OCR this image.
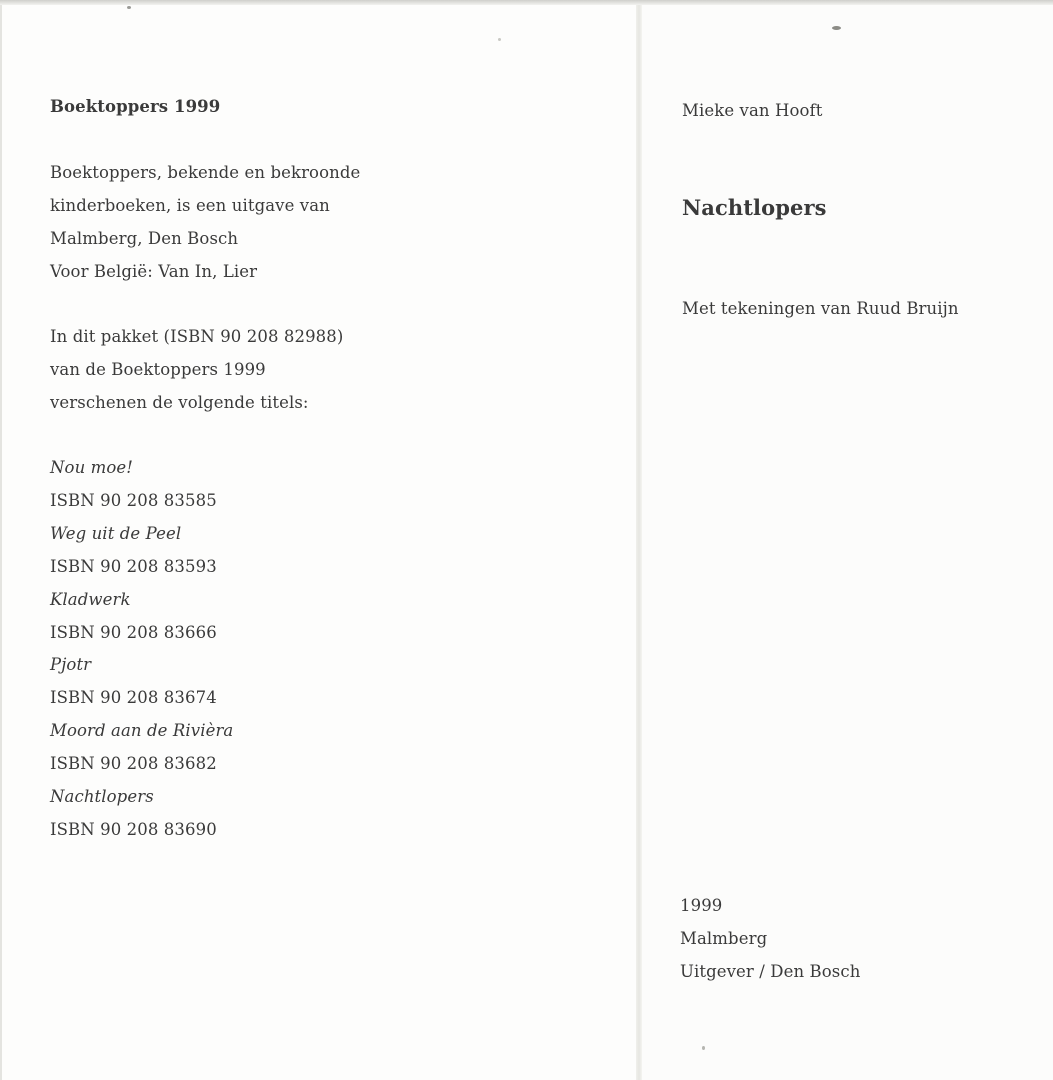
Boektoppers 1999
Boektoppers, bekende en bekroonde
kinderboeken, is een uitgave van
Malmberg, Den Bosch
Voor België: Van In, Lier
In dit pakket (ISBN 90 208 82988)
van de Boektoppers 1999
verschenen de volgende titels:
Nou moe!
ISBN 90 208 83585
Weg uit de Peel
ISBN 90 208 83593
Kladwerk
ISBN 90 208 83666
Pjotr
ISBN 90 208 83674
Moord aan de Rivièra
ISBN 90 208 83682
Nachtlopers
ISBN 90 208 83690
Mieke van Hooft
Nachtlopers
Met tekeningen van Ruud Bruijn
1999
Malmberg
Uitgever / Den Bosch
